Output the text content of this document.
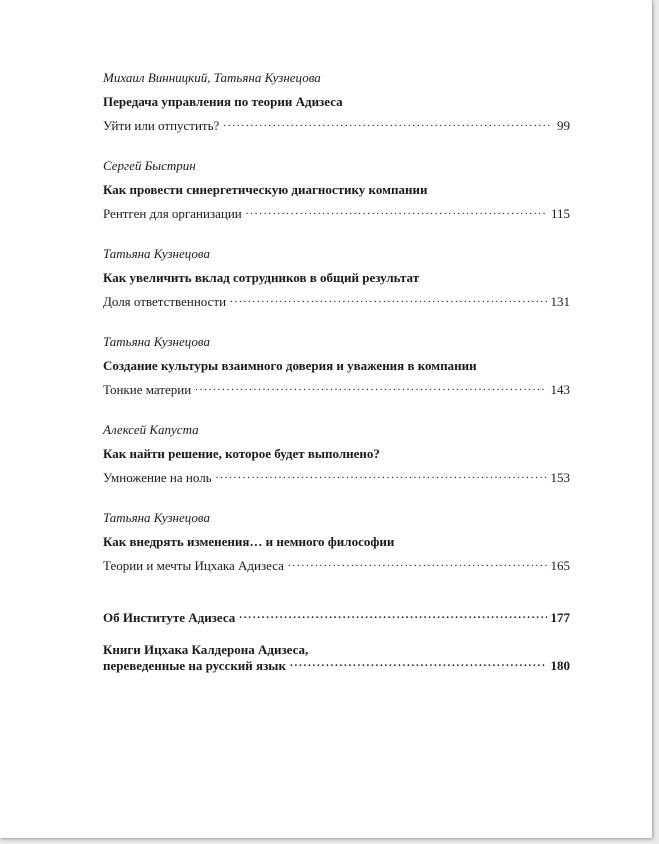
Михаил Винницкий, Татьяна Кузнецова
Передача управления по теории Адизеса
Уйти или отпустить? . . .	99
Сергей Быстрин
Как провести синергетическую диагностику компании
Рентген для организации . . .	115
Татьяна Кузнецова
Как увеличить вклад сотрудников в общий результат
Доля ответственности . . .	131
Татьяна Кузнецова
Создание культуры взаимного доверия и уважения в компании
Тонкие материи . . .	143
Алексей Капуста
Как найти решение, которое будет выполнено?
Умножение на ноль . . .	153
Татьяна Кузнецова
Как внедрять изменения… и немного философии
Теории и мечты Ицхака Адизеса . . .	165
Об Институте Адизеса . . .	177
Книги Ицхака Калдерона Адизеса,
переведенные на русский язык . . .	180
